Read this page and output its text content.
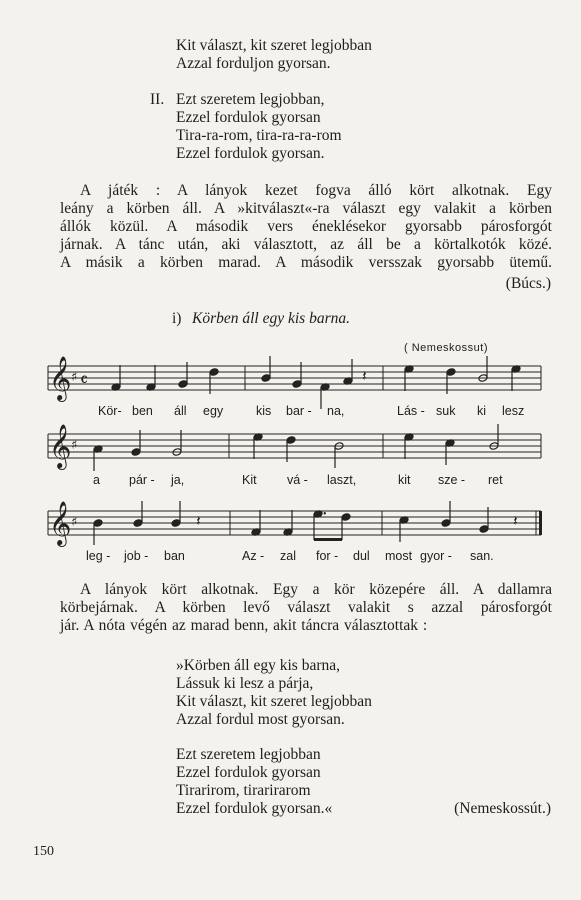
Kit választ, kit szeret legjobban
Azzal forduljon gyorsan.
II. Ezt szeretem legjobban,
Ezzel fordulok gyorsan
Tira-ra-rom, tira-ra-ra-rom
Ezzel fordulok gyorsan.
A játék : A lányok kezet fogva álló kört alkotnak. Egy
leány a körben áll. A »kitválaszt«-ra választ egy valakit a körben
állók közül. A második vers éneklésekor gyorsabb párosforgót
járnak. A tánc után, aki választott, az áll be a körtalkotók közé.
A másik a körben marad. A második versszak gyorsabb ütemű.
(Búcs.)
i) Körben áll egy kis barna.
( Nemeskossut)
𝄞 ♯ 𝄴	𝄽
Kör- ben áll egy	kis bar - na,	Lás - suk ki lesz
𝄞 ♯
a pár - ja,	Kit vá - laszt,	kit sze - ret
𝄞 ♯
•
𝄽	𝄽
leg - job - ban	Az - zal for - dul most gyor - san.
A lányok kört alkotnak. Egy a kör közepére áll. A dallamra
körbejárnak. A körben levő választ valakit s azzal párosforgót
jár. A nóta végén az marad benn, akit táncra választottak :
»Körben áll egy kis barna,
Lássuk ki lesz a párja,
Kit választ, kit szeret legjobban
Azzal fordul most gyorsan.
Ezt szeretem legjobban
Ezzel fordulok gyorsan
Tirarirom, tirarirarom
Ezzel fordulok gyorsan.«	(Nemeskossút.)
150
